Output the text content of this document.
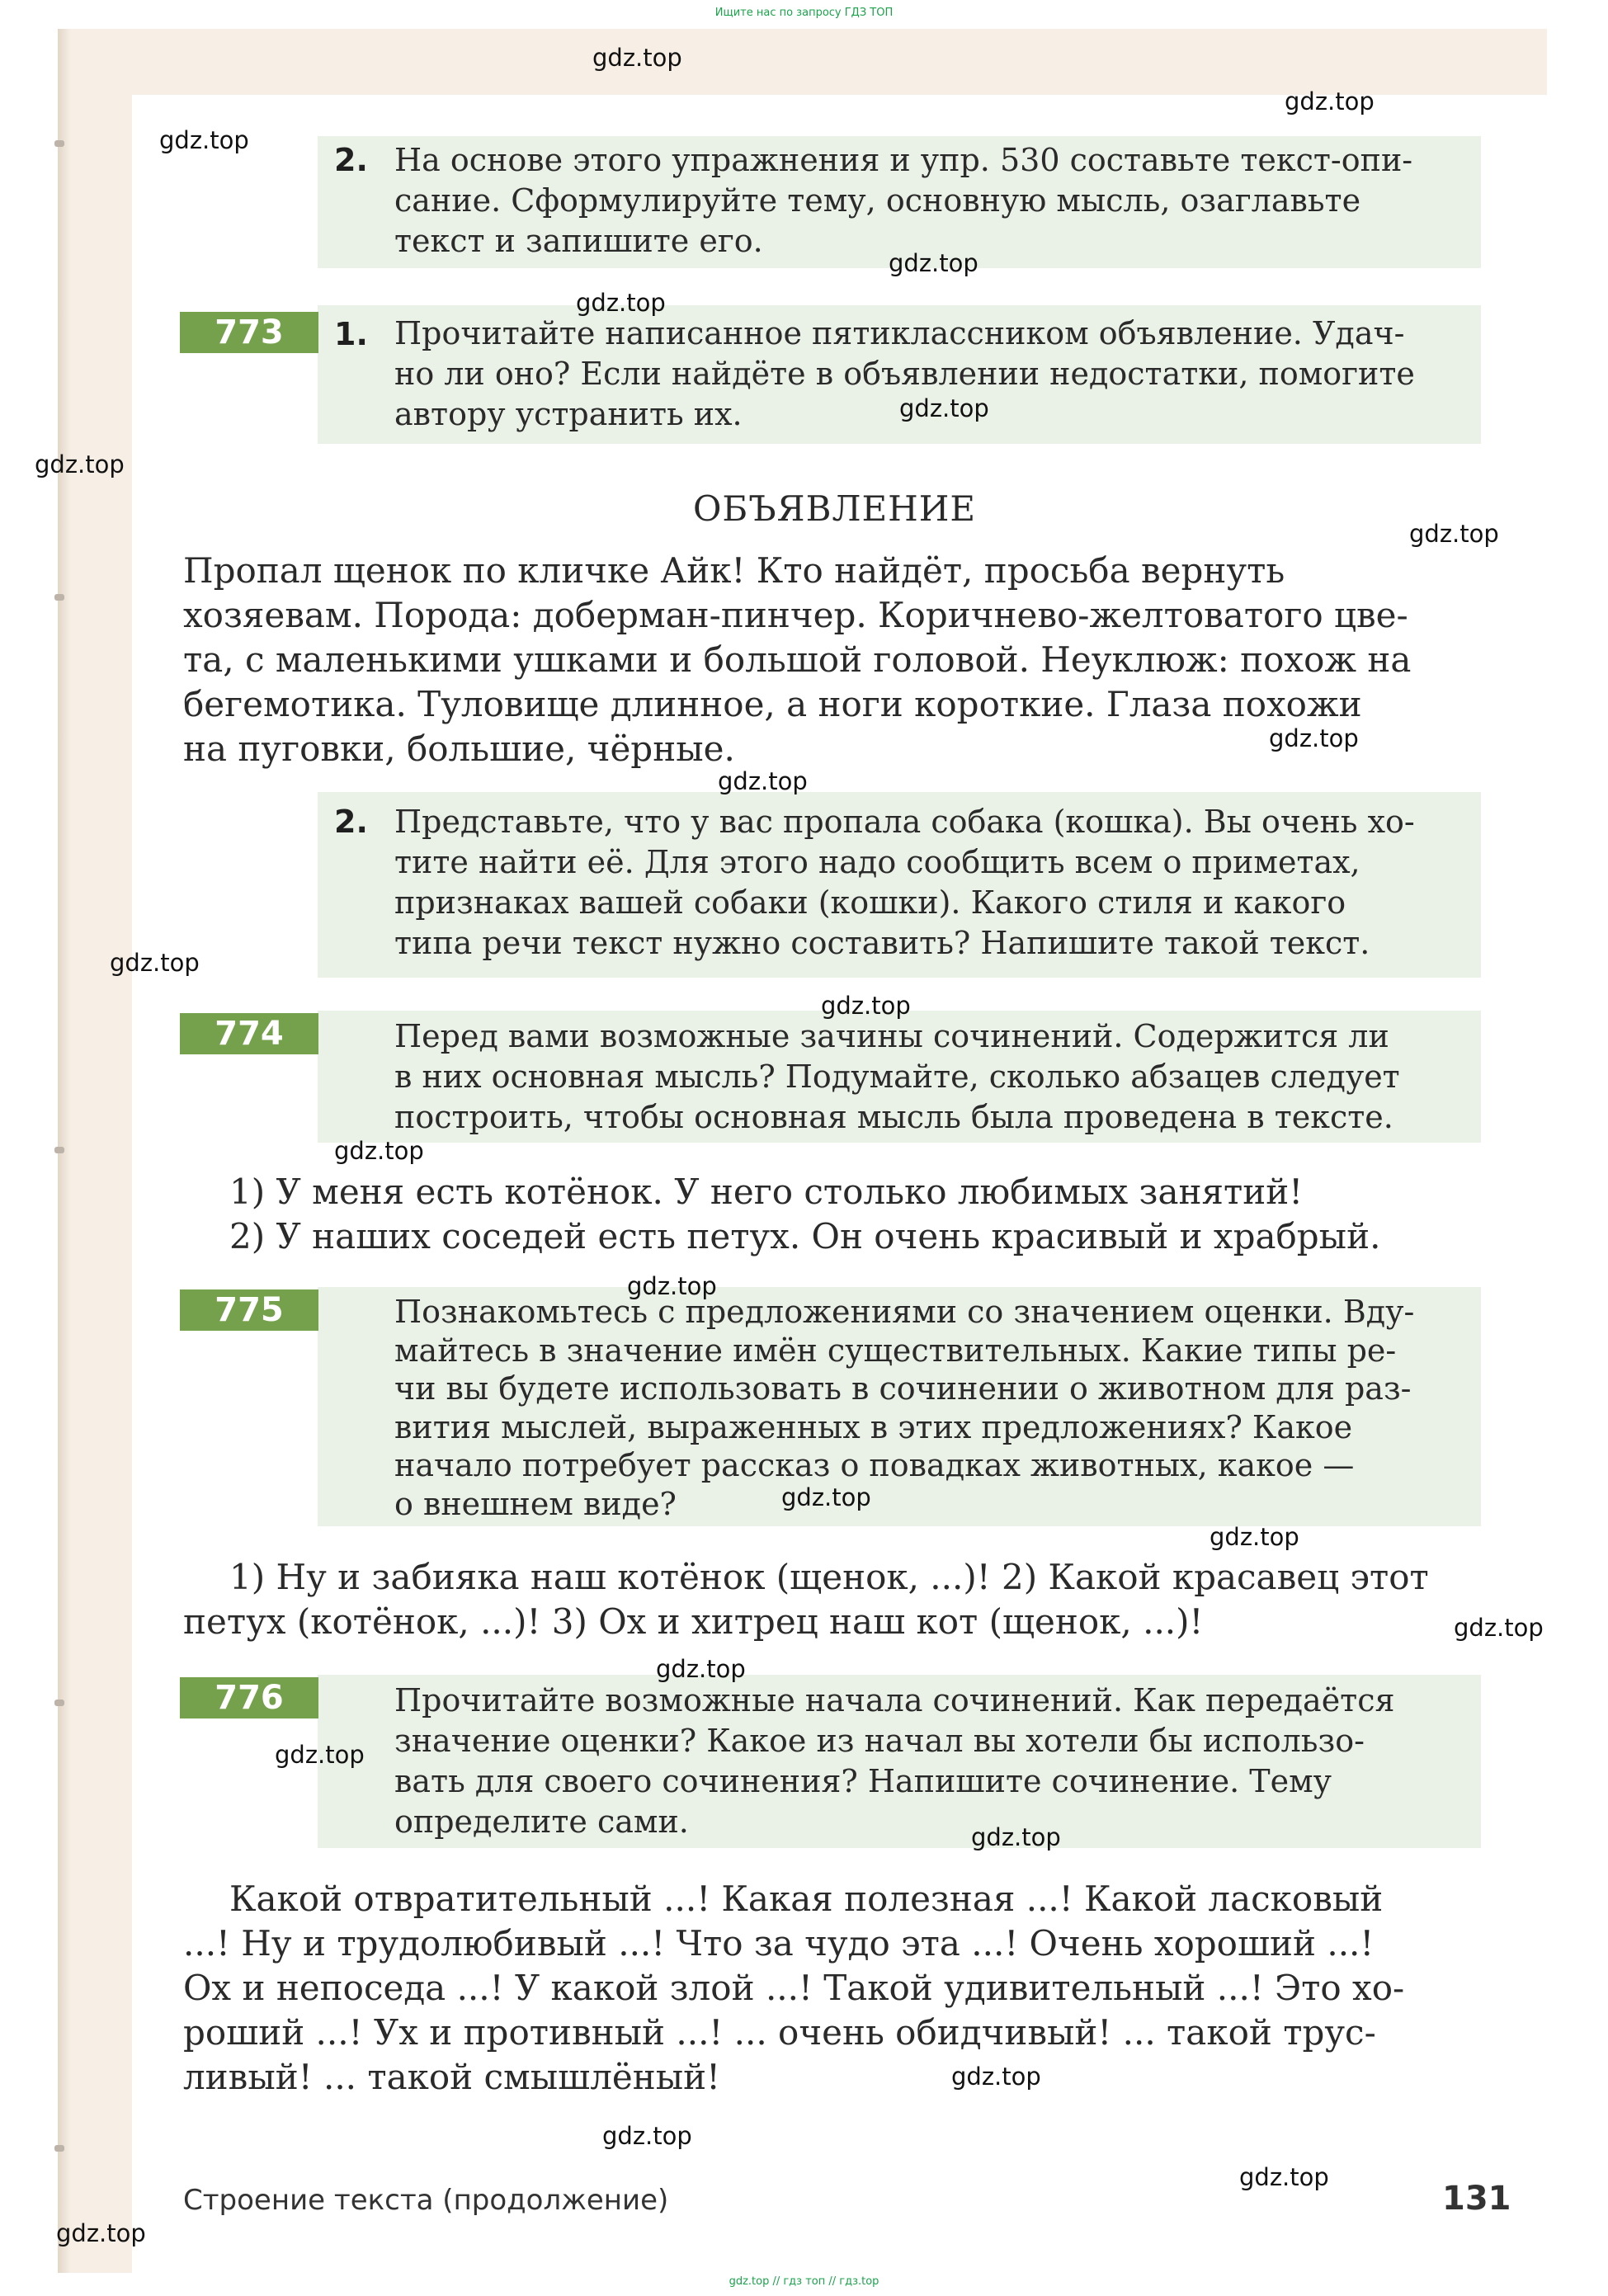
Ищите нас по запросу ГДЗ ТОП
2. На основе этого упражнения и упр. 530 составьте текст-опи-
сание. Сформулируйте тему, основную мысль, озаглавьте
текст и запишите его.
773	1. Прочитайте написанное пятиклассником объявление. Удач-
но ли оно? Если найдёте в объявлении недостатки, помогите
автору устранить их.
ОБЪЯВЛЕНИЕ
Пропал щенок по кличке Айк! Кто найдёт, просьба вернуть
хозяевам. Порода: доберман-пинчер. Коричнево-желтоватого цве-
та, с маленькими ушками и большой головой. Неуклюж: похож на
бегемотика. Туловище длинное, а ноги короткие. Глаза похожи
на пуговки, большие, чёрные.
2. Представьте, что у вас пропала собака (кошка). Вы очень хо-
тите найти её. Для этого надо сообщить всем о приметах,
признаках вашей собаки (кошки). Какого стиля и какого
типа речи текст нужно составить? Напишите такой текст.
774	Перед вами возможные зачины сочинений. Содержится ли
в них основная мысль? Подумайте, сколько абзацев следует
построить, чтобы основная мысль была проведена в тексте.
1) У меня есть котёнок. У него столько любимых занятий!
2) У наших соседей есть петух. Он очень красивый и храбрый.
775	Познакомьтесь с предложениями со значением оценки. Вду-
майтесь в значение имён существительных. Какие типы ре-
чи вы будете использовать в сочинении о животном для раз-
вития мыслей, выраженных в этих предложениях? Какое
начало потребует рассказ о повадках животных, какое —
о внешнем виде?
1) Ну и забияка наш котёнок (щенок, ...)! 2) Какой красавец этот
петух (котёнок, ...)! 3) Ох и хитрец наш кот (щенок, ...)!
776	Прочитайте возможные начала сочинений. Как передаётся
значение оценки? Какое из начал вы хотели бы использо-
вать для своего сочинения? Напишите сочинение. Тему
определите сами.
Какой отвратительный ...! Какая полезная ...! Какой ласковый
...! Ну и трудолюбивый ...! Что за чудо эта ...! Очень хороший ...!
Ох и непоседа ...! У какой злой ...! Такой удивительный ...! Это хо-
роший ...! Ух и противный ...! ... очень обидчивый! ... такой трус-
ливый! ... такой смышлёный!
Строение текста (продолжение)	131
gdz.top
gdz.top
gdz.top
gdz.top
gdz.top
gdz.top
gdz.top
gdz.top
gdz.top
gdz.top
gdz.top
gdz.top
gdz.top
gdz.top
gdz.top
gdz.top
gdz.top
gdz.top
gdz.top
gdz.top
gdz.top
gdz.top
gdz.top
gdz.top
gdz.top // гдз топ // гдз.top
